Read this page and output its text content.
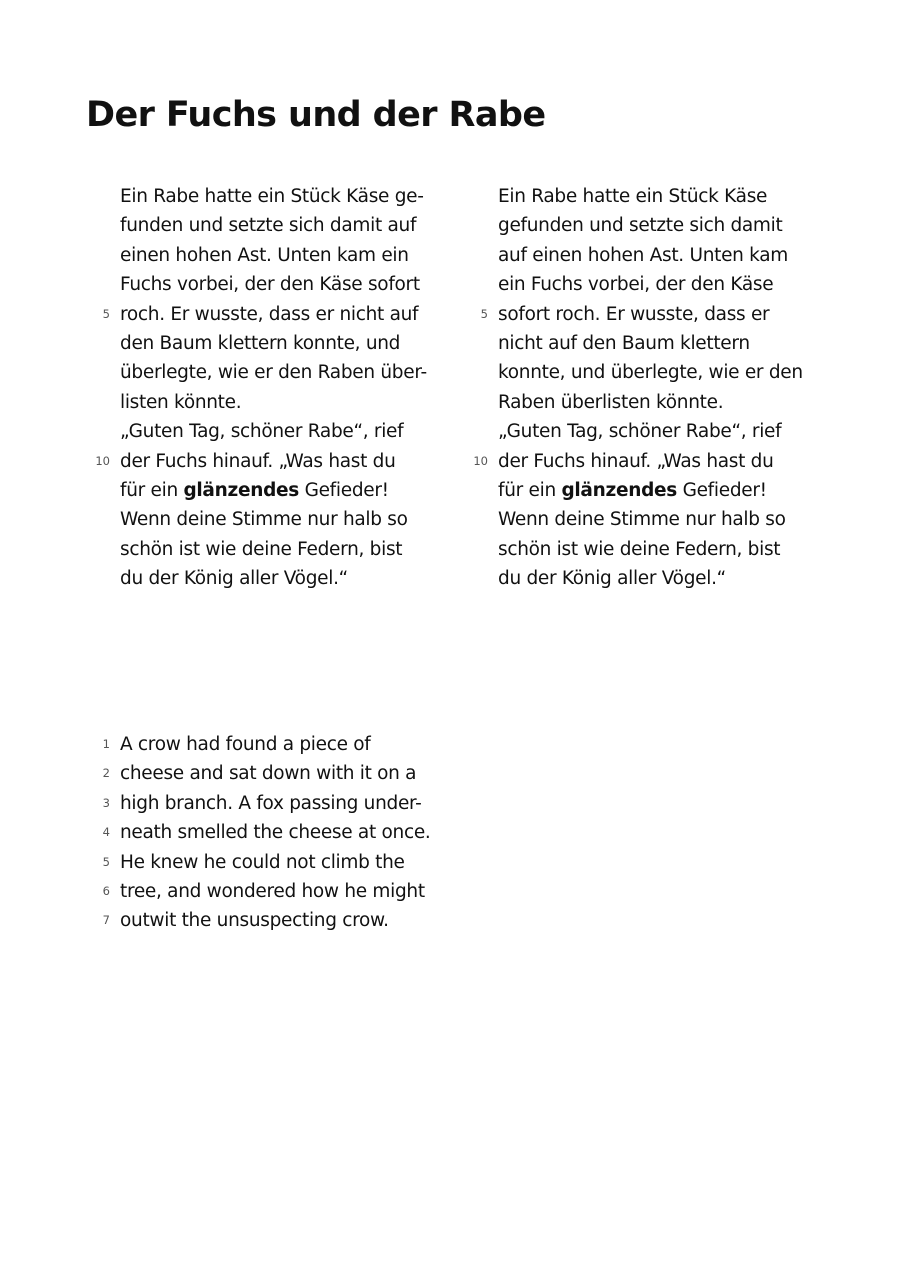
Der Fuchs und der Rabe
Ein Rabe hatte ein Stück Käse ge-
funden und setzte sich damit auf
einen hohen Ast. Unten kam ein
Fuchs vorbei, der den Käse sofort
5 roch. Er wusste, dass er nicht auf
den Baum klettern konnte, und
überlegte, wie er den Raben über-
listen könnte.
„Guten Tag, schöner Rabe“, rief
10 der Fuchs hinauf. „Was hast du
für ein glänzendes Gefieder!
Wenn deine Stimme nur halb so
schön ist wie deine Federn, bist
du der König aller Vögel.“
Ein Rabe hatte ein Stück Käse
gefunden und setzte sich damit
auf einen hohen Ast. Unten kam
ein Fuchs vorbei, der den Käse
5 sofort roch. Er wusste, dass er
nicht auf den Baum klettern
konnte, und überlegte, wie er den
Raben überlisten könnte.
„Guten Tag, schöner Rabe“, rief
10 der Fuchs hinauf. „Was hast du
für ein glänzendes Gefieder!
Wenn deine Stimme nur halb so
schön ist wie deine Federn, bist
du der König aller Vögel.“
1 A crow had found a piece of
2 cheese and sat down with it on a
3 high branch. A fox passing under-
4 neath smelled the cheese at once.
5 He knew he could not climb the
6 tree, and wondered how he might
7 outwit the unsuspecting crow.
